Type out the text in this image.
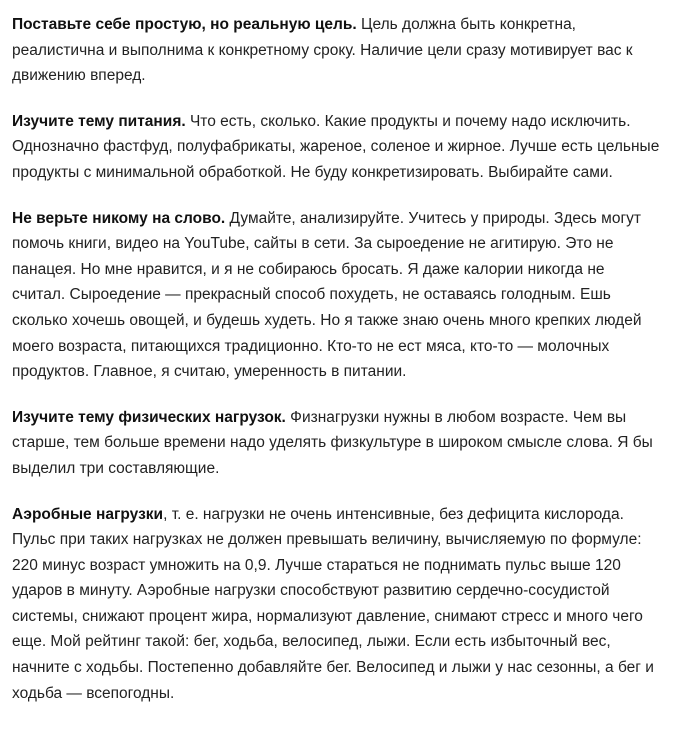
Поставьте себе простую, но реальную цель. Цель должна быть конкретна, реалистична и выполнима к конкретному сроку. Наличие цели сразу мотивирует вас к движению вперед.

Изучите тему питания. Что есть, сколько. Какие продукты и почему надо исключить. Однозначно фастфуд, полуфабрикаты, жареное, соленое и жирное. Лучше есть цельные продукты с минимальной обработкой. Не буду конкретизировать. Выбирайте сами.

Не верьте никому на слово. Думайте, анализируйте. Учитесь у природы. Здесь могут помочь книги, видео на YouTube, сайты в сети. За сыроедение не агитирую. Это не панацея. Но мне нравится, и я не собираюсь бросать. Я даже калории никогда не считал. Сыроедение — прекрасный способ похудеть, не оставаясь голодным. Ешь сколько хочешь овощей, и будешь худеть. Но я также знаю очень много крепких людей моего возраста, питающихся традиционно. Кто-то не ест мяса, кто-то — молочных продуктов. Главное, я считаю, умеренность в питании.

Изучите тему физических нагрузок. Физнагрузки нужны в любом возрасте. Чем вы старше, тем больше времени надо уделять физкультуре в широком смысле слова. Я бы выделил три составляющие.

Аэробные нагрузки, т. е. нагрузки не очень интенсивные, без дефицита кислорода. Пульс при таких нагрузках не должен превышать величину, вычисляемую по формуле: 220 минус возраст умножить на 0,9. Лучше стараться не поднимать пульс выше 120 ударов в минуту. Аэробные нагрузки способствуют развитию сердечно-сосудистой системы, снижают процент жира, нормализуют давление, снимают стресс и много чего еще. Мой рейтинг такой: бег, ходьба, велосипед, лыжи. Если есть избыточный вес, начните с ходьбы. Постепенно добавляйте бег. Велосипед и лыжи у нас сезонны, а бег и ходьба — всепогодны.
